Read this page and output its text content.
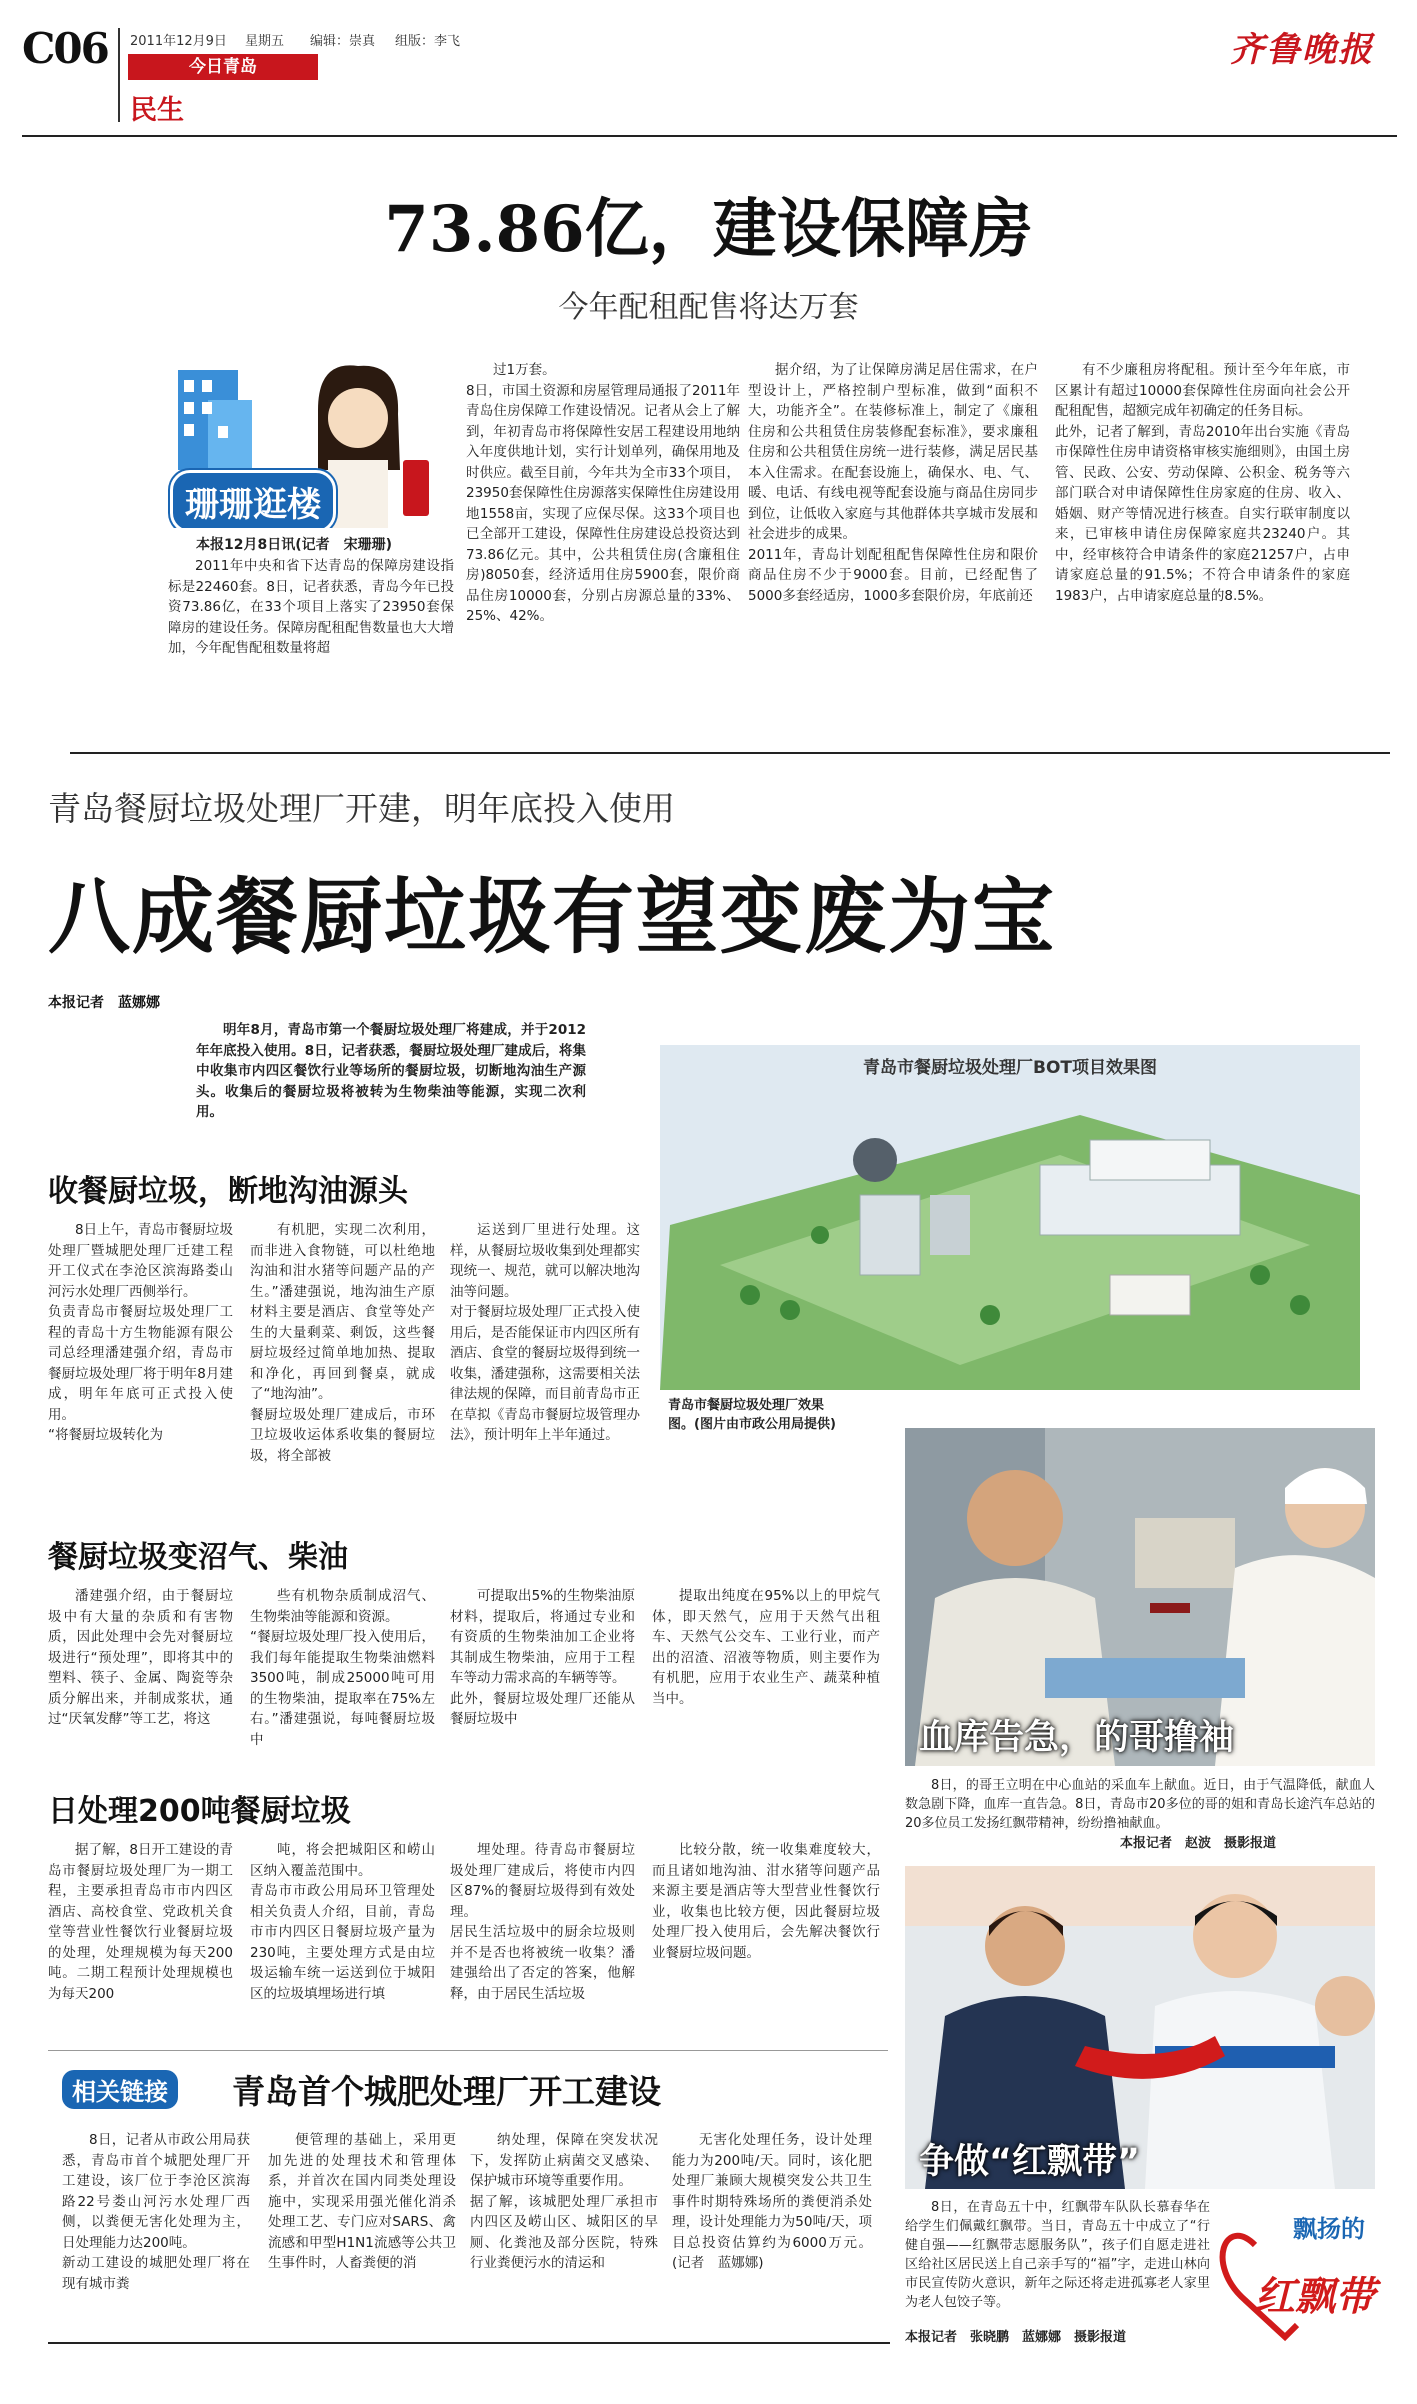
C06 2011年12月9日 星期五 编辑：崇真 组版：李飞
今日青岛
民生
齐鲁晚报
73.86亿，建设保障房
今年配租配售将达万套
珊珊逛楼
本报12月8日讯(记者　宋珊珊)

2011年中央和省下达青岛的保障房建设指标是22460套。8日，记者获悉，青岛今年已投资73.86亿，在33个项目上落实了23950套保障房的建设任务。保障房配租配售数量也大大增加，今年配售配租数量将超

过1万套。
8日，市国土资源和房屋管理局通报了2011年青岛住房保障工作建设情况。记者从会上了解到，年初青岛市将保障性安居工程建设用地纳入年度供地计划，实行计划单列，确保用地及时供应。截至目前，今年共为全市33个项目，23950套保障性住房源落实保障性住房建设用地1558亩，实现了应保尽保。这33个项目也已全部开工建设，保障性住房建设总投资达到73.86亿元。其中，公共租赁住房(含廉租住房)8050套，经济适用住房5900套，限价商品住房10000套，分别占房源总量的33%、25%、42%。

据介绍，为了让保障房满足居住需求，在户型设计上，严格控制户型标准，做到“面积不大，功能齐全”。在装修标准上，制定了《廉租住房和公共租赁住房装修配套标准》，要求廉租住房和公共租赁住房统一进行装修，满足居民基本入住需求。在配套设施上，确保水、电、气、暖、电话、有线电视等配套设施与商品住房同步到位，让低收入家庭与其他群体共享城市发展和社会进步的成果。
2011年，青岛计划配租配售保障性住房和限价商品住房不少于9000套。目前，已经配售了5000多套经适房，1000多套限价房，年底前还

有不少廉租房将配租。预计至今年年底，市区累计有超过10000套保障性住房面向社会公开配租配售，超额完成年初确定的任务目标。
此外，记者了解到，青岛2010年出台实施《青岛市保障性住房申请资格审核实施细则》，由国土房管、民政、公安、劳动保障、公积金、税务等六部门联合对申请保障性住房家庭的住房、收入、婚姻、财产等情况进行核查。自实行联审制度以来，已审核申请住房保障家庭共23240户。其中，经审核符合申请条件的家庭21257户，占申请家庭总量的91.5%；不符合申请条件的家庭1983户，占申请家庭总量的8.5%。

青岛餐厨垃圾处理厂开建，明年底投入使用
八成餐厨垃圾有望变废为宝
本报记者　蓝娜娜

明年8月，青岛市第一个餐厨垃圾处理厂将建成，并于2012年年底投入使用。8日，记者获悉，餐厨垃圾处理厂建成后，将集中收集市内四区餐饮行业等场所的餐厨垃圾，切断地沟油生产源头。收集后的餐厨垃圾将被转为生物柴油等能源，实现二次利用。

青岛市餐厨垃圾处理厂BOT项目效果图
青岛市餐厨垃圾处理厂效果图。(图片由市政公用局提供)
收餐厨垃圾，断地沟油源头

8日上午，青岛市餐厨垃圾处理厂暨城肥处理厂迁建工程开工仪式在李沧区滨海路娄山河污水处理厂西侧举行。
负责青岛市餐厨垃圾处理厂工程的青岛十方生物能源有限公司总经理潘建强介绍，青岛市餐厨垃圾处理厂将于明年8月建成，明年年底可正式投入使用。
“将餐厨垃圾转化为

有机肥，实现二次利用，而非进入食物链，可以杜绝地沟油和泔水猪等问题产品的产生。”潘建强说，地沟油生产原材料主要是酒店、食堂等处产生的大量剩菜、剩饭，这些餐厨垃圾经过简单地加热、提取和净化，再回到餐桌，就成了“地沟油”。
餐厨垃圾处理厂建成后，市环卫垃圾收运体系收集的餐厨垃圾，将全部被

运送到厂里进行处理。这样，从餐厨垃圾收集到处理都实现统一、规范，就可以解决地沟油等问题。
对于餐厨垃圾处理厂正式投入使用后，是否能保证市内四区所有酒店、食堂的餐厨垃圾得到统一收集，潘建强称，这需要相关法律法规的保障，而目前青岛市正在草拟《青岛市餐厨垃圾管理办法》，预计明年上半年通过。

餐厨垃圾变沼气、柴油

潘建强介绍，由于餐厨垃圾中有大量的杂质和有害物质，因此处理中会先对餐厨垃圾进行“预处理”，即将其中的塑料、筷子、金属、陶瓷等杂质分解出来，并制成浆状，通过“厌氧发酵”等工艺，将这

些有机物杂质制成沼气、生物柴油等能源和资源。
“餐厨垃圾处理厂投入使用后，我们每年能提取生物柴油燃料3500吨，制成25000吨可用的生物柴油，提取率在75%左右。”潘建强说，每吨餐厨垃圾中

可提取出5%的生物柴油原材料，提取后，将通过专业和有资质的生物柴油加工企业将其制成生物柴油，应用于工程车等动力需求高的车辆等等。
此外，餐厨垃圾处理厂还能从餐厨垃圾中

提取出纯度在95%以上的甲烷气体，即天然气，应用于天然气出租车、天然气公交车、工业行业，而产出的沼渣、沼液等物质，则主要作为有机肥，应用于农业生产、蔬菜种植当中。

日处理200吨餐厨垃圾

据了解，8日开工建设的青岛市餐厨垃圾处理厂为一期工程，主要承担青岛市市内四区酒店、高校食堂、党政机关食堂等营业性餐饮行业餐厨垃圾的处理，处理规模为每天200吨。二期工程预计处理规模也为每天200

吨，将会把城阳区和崂山区纳入覆盖范围中。
青岛市市政公用局环卫管理处相关负责人介绍，目前，青岛市市内四区日餐厨垃圾产量为230吨，主要处理方式是由垃圾运输车统一运送到位于城阳区的垃圾填埋场进行填

埋处理。待青岛市餐厨垃圾处理厂建成后，将使市内四区87%的餐厨垃圾得到有效处理。
居民生活垃圾中的厨余垃圾则并不是否也将被统一收集？潘建强给出了否定的答案，他解释，由于居民生活垃圾

比较分散，统一收集难度较大，而且诸如地沟油、泔水猪等问题产品来源主要是酒店等大型营业性餐饮行业，收集也比较方便，因此餐厨垃圾处理厂投入使用后，会先解决餐饮行业餐厨垃圾问题。

相关链接	青岛首个城肥处理厂开工建设

8日，记者从市政公用局获悉，青岛市首个城肥处理厂开工建设，该厂位于李沧区滨海路22号娄山河污水处理厂西侧，以粪便无害化处理为主，日处理能力达200吨。
新动工建设的城肥处理厂将在现有城市粪

便管理的基础上，采用更加先进的处理技术和管理体系，并首次在国内同类处理设施中，实现采用强光催化消杀处理工艺、专门应对SARS、禽流感和甲型H1N1流感等公共卫生事件时，人畜粪便的消

纳处理，保障在突发状况下，发挥防止病菌交叉感染、保护城市环境等重要作用。
据了解，该城肥处理厂承担市内四区及崂山区、城阳区的早厕、化粪池及部分医院，特殊行业粪便污水的清运和

无害化处理任务，设计处理能力为200吨/天。同时，该化肥处理厂兼顾大规模突发公共卫生事件时期特殊场所的粪便消杀处理，设计处理能力为50吨/天，项目总投资估算约为6000万元。(记者　蓝娜娜)

血库告急，的哥撸袖
8日，的哥王立明在中心血站的采血车上献血。近日，由于气温降低，献血人数急剧下降，血库一直告急。8日，青岛市20多位的哥的姐和青岛长途汽车总站的20多位员工发扬红飘带精神，纷纷撸袖献血。
本报记者　赵波　摄影报道
争做“红飘带”
8日，在青岛五十中，红飘带车队队长慕春华在给学生们佩戴红飘带。当日，青岛五十中成立了“行健自强——红飘带志愿服务队”，孩子们自愿走进社区给社区居民送上自己亲手写的“福”字，走进山林向市民宣传防火意识，新年之际还将走进孤寡老人家里为老人包饺子等。
本报记者　张晓鹏　蓝娜娜　摄影报道
飘扬的
红飘带
